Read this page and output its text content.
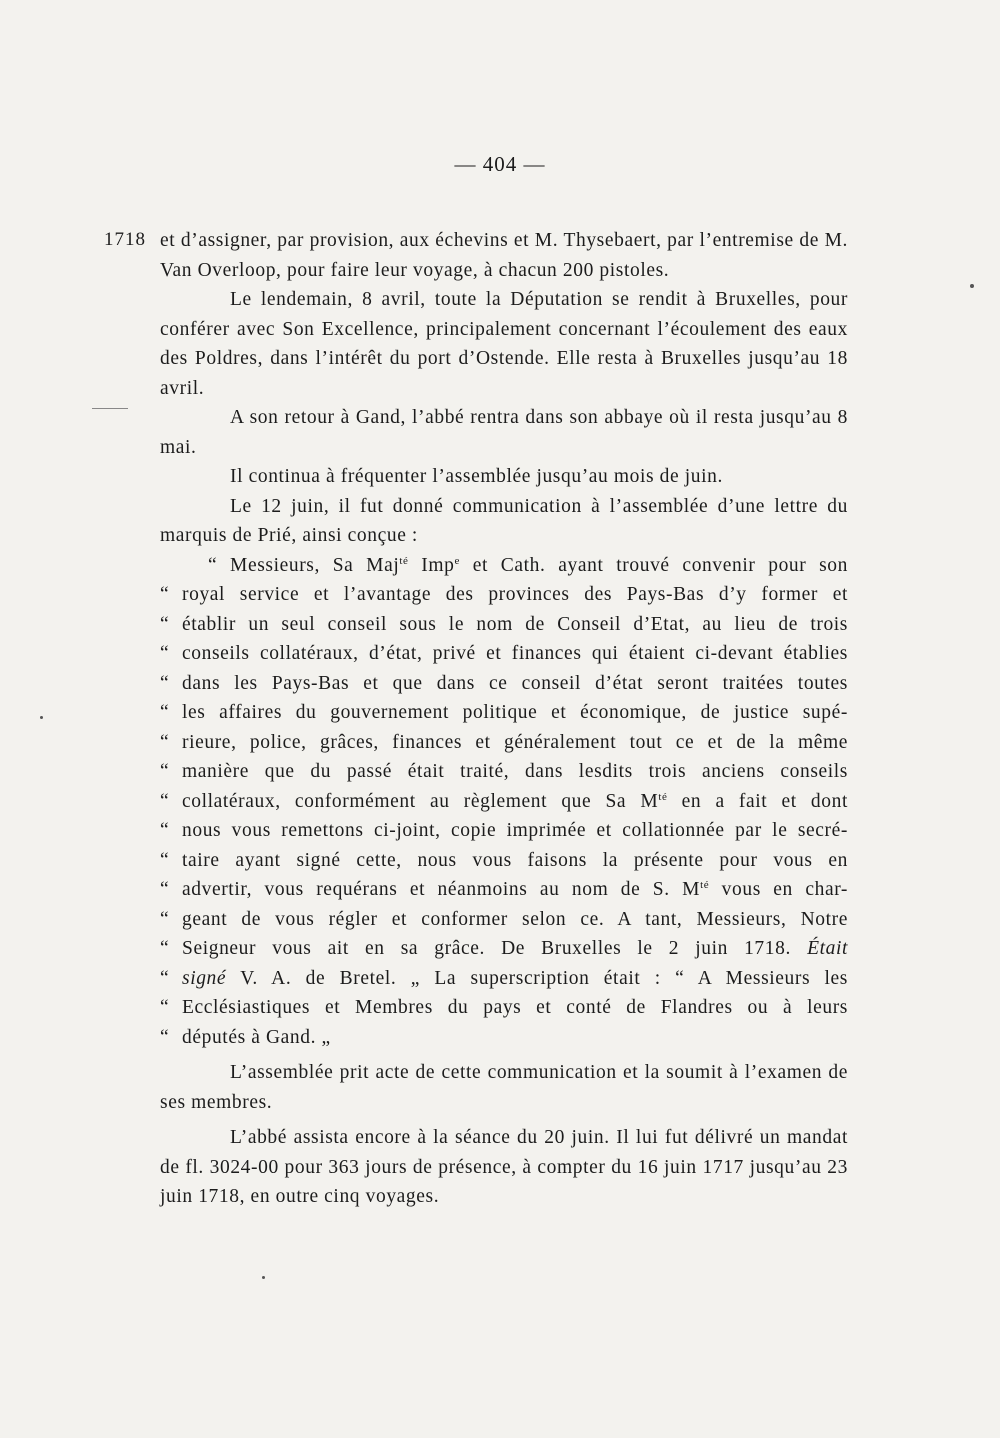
— 404 —
1718 et d’assigner, par provision, aux échevins et M. Thysebaert, par l’entremise de M. Van Overloop, pour faire leur voyage, à chacun 200 pistoles.

Le lendemain, 8 avril, toute la Députation se rendit à Bruxelles, pour conférer avec Son Excellence, principalement concernant l’écoulement des eaux des Poldres, dans l’intérêt du port d’Ostende. Elle resta à Bruxelles jusqu’au 18 avril.

A son retour à Gand, l’abbé rentra dans son abbaye où il resta jusqu’au 8 mai.

Il continua à fréquenter l’assemblée jusqu’au mois de juin.

Le 12 juin, il fut donné communication à l’assemblée d’une lettre du marquis de Prié, ainsi conçue :

“ Messieurs, Sa Maj$^{té}$ Imp$^e$ et Cath. ayant trouvé convenir pour son
“ royal service et l’avantage des provinces des Pays-Bas d’y former et
“ établir un seul conseil sous le nom de Conseil d’Etat, au lieu de trois
“ conseils collatéraux, d’état, privé et finances qui étaient ci-devant établies
“ dans les Pays-Bas et que dans ce conseil d’état seront traitées toutes
“ les affaires du gouvernement politique et économique, de justice supé-
“ rieure, police, grâces, finances et généralement tout ce et de la même
“ manière que du passé était traité, dans lesdits trois anciens conseils
“ collatéraux, conformément au règlement que Sa $M^{té}$ en a fait et dont
“ nous vous remettons ci-joint, copie imprimée et collationnée par le secré-
“ taire ayant signé cette, nous vous faisons la présente pour vous en
“ advertir, vous requérans et néanmoins au nom de S. $M^{té}$ vous en char-
“ geant de vous régler et conformer selon ce. A tant, Messieurs, Notre
“ Seigneur vous ait en sa grâce. De Bruxelles le 2 juin 1718. Était
“ signé V. A. de Bretel. „ La superscription était : “ A Messieurs les
“ Ecclésiastiques et Membres du pays et conté de Flandres ou à leurs
“ députés à Gand. „

L’assemblée prit acte de cette communication et la soumit à l’examen de ses membres.

L’abbé assista encore à la séance du 20 juin. Il lui fut délivré un mandat de fl. 3024-00 pour 363 jours de présence, à compter du 16 juin 1717 jusqu’au 23 juin 1718, en outre cinq voyages.
